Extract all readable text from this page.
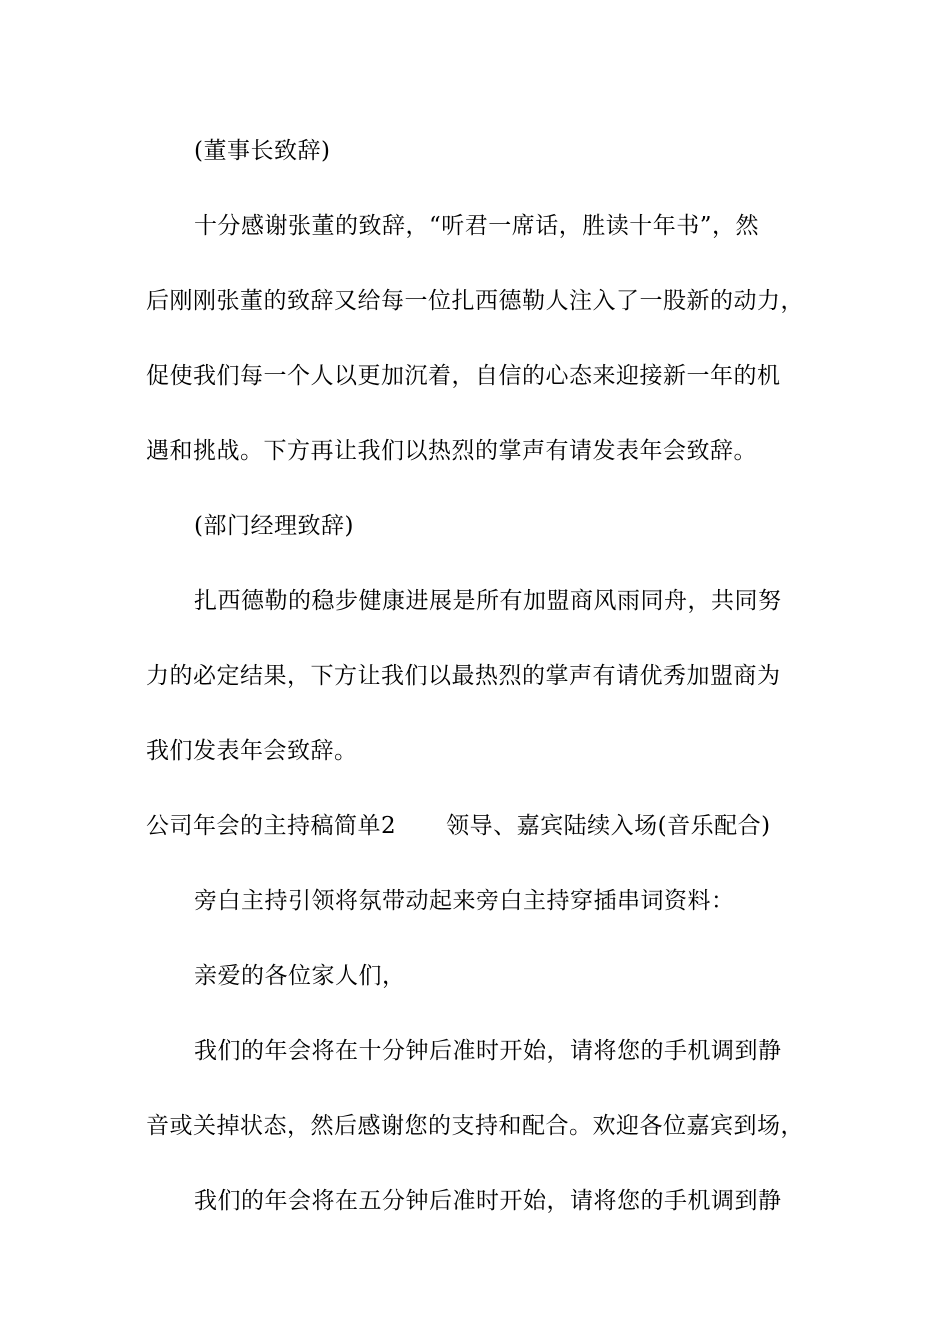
(董事长致辞)
十分感谢张董的致辞，“听君一席话，胜读十年书”，然
后刚刚张董的致辞又给每一位扎西德勒人注入了一股新的动力，
促使我们每一个人以更加沉着，自信的心态来迎接新一年的机
遇和挑战。下方再让我们以热烈的掌声有请发表年会致辞。
(部门经理致辞)
扎西德勒的稳步健康进展是所有加盟商风雨同舟，共同努
力的必定结果，下方让我们以最热烈的掌声有请优秀加盟商为
我们发表年会致辞。
公司年会的主持稿简单2 领导、嘉宾陆续入场(音乐配合)
旁白主持引领将氛带动起来旁白主持穿插串词资料：
亲爱的各位家人们，
我们的年会将在十分钟后准时开始，请将您的手机调到静
音或关掉状态，然后感谢您的支持和配合。欢迎各位嘉宾到场，
我们的年会将在五分钟后准时开始，请将您的手机调到静
